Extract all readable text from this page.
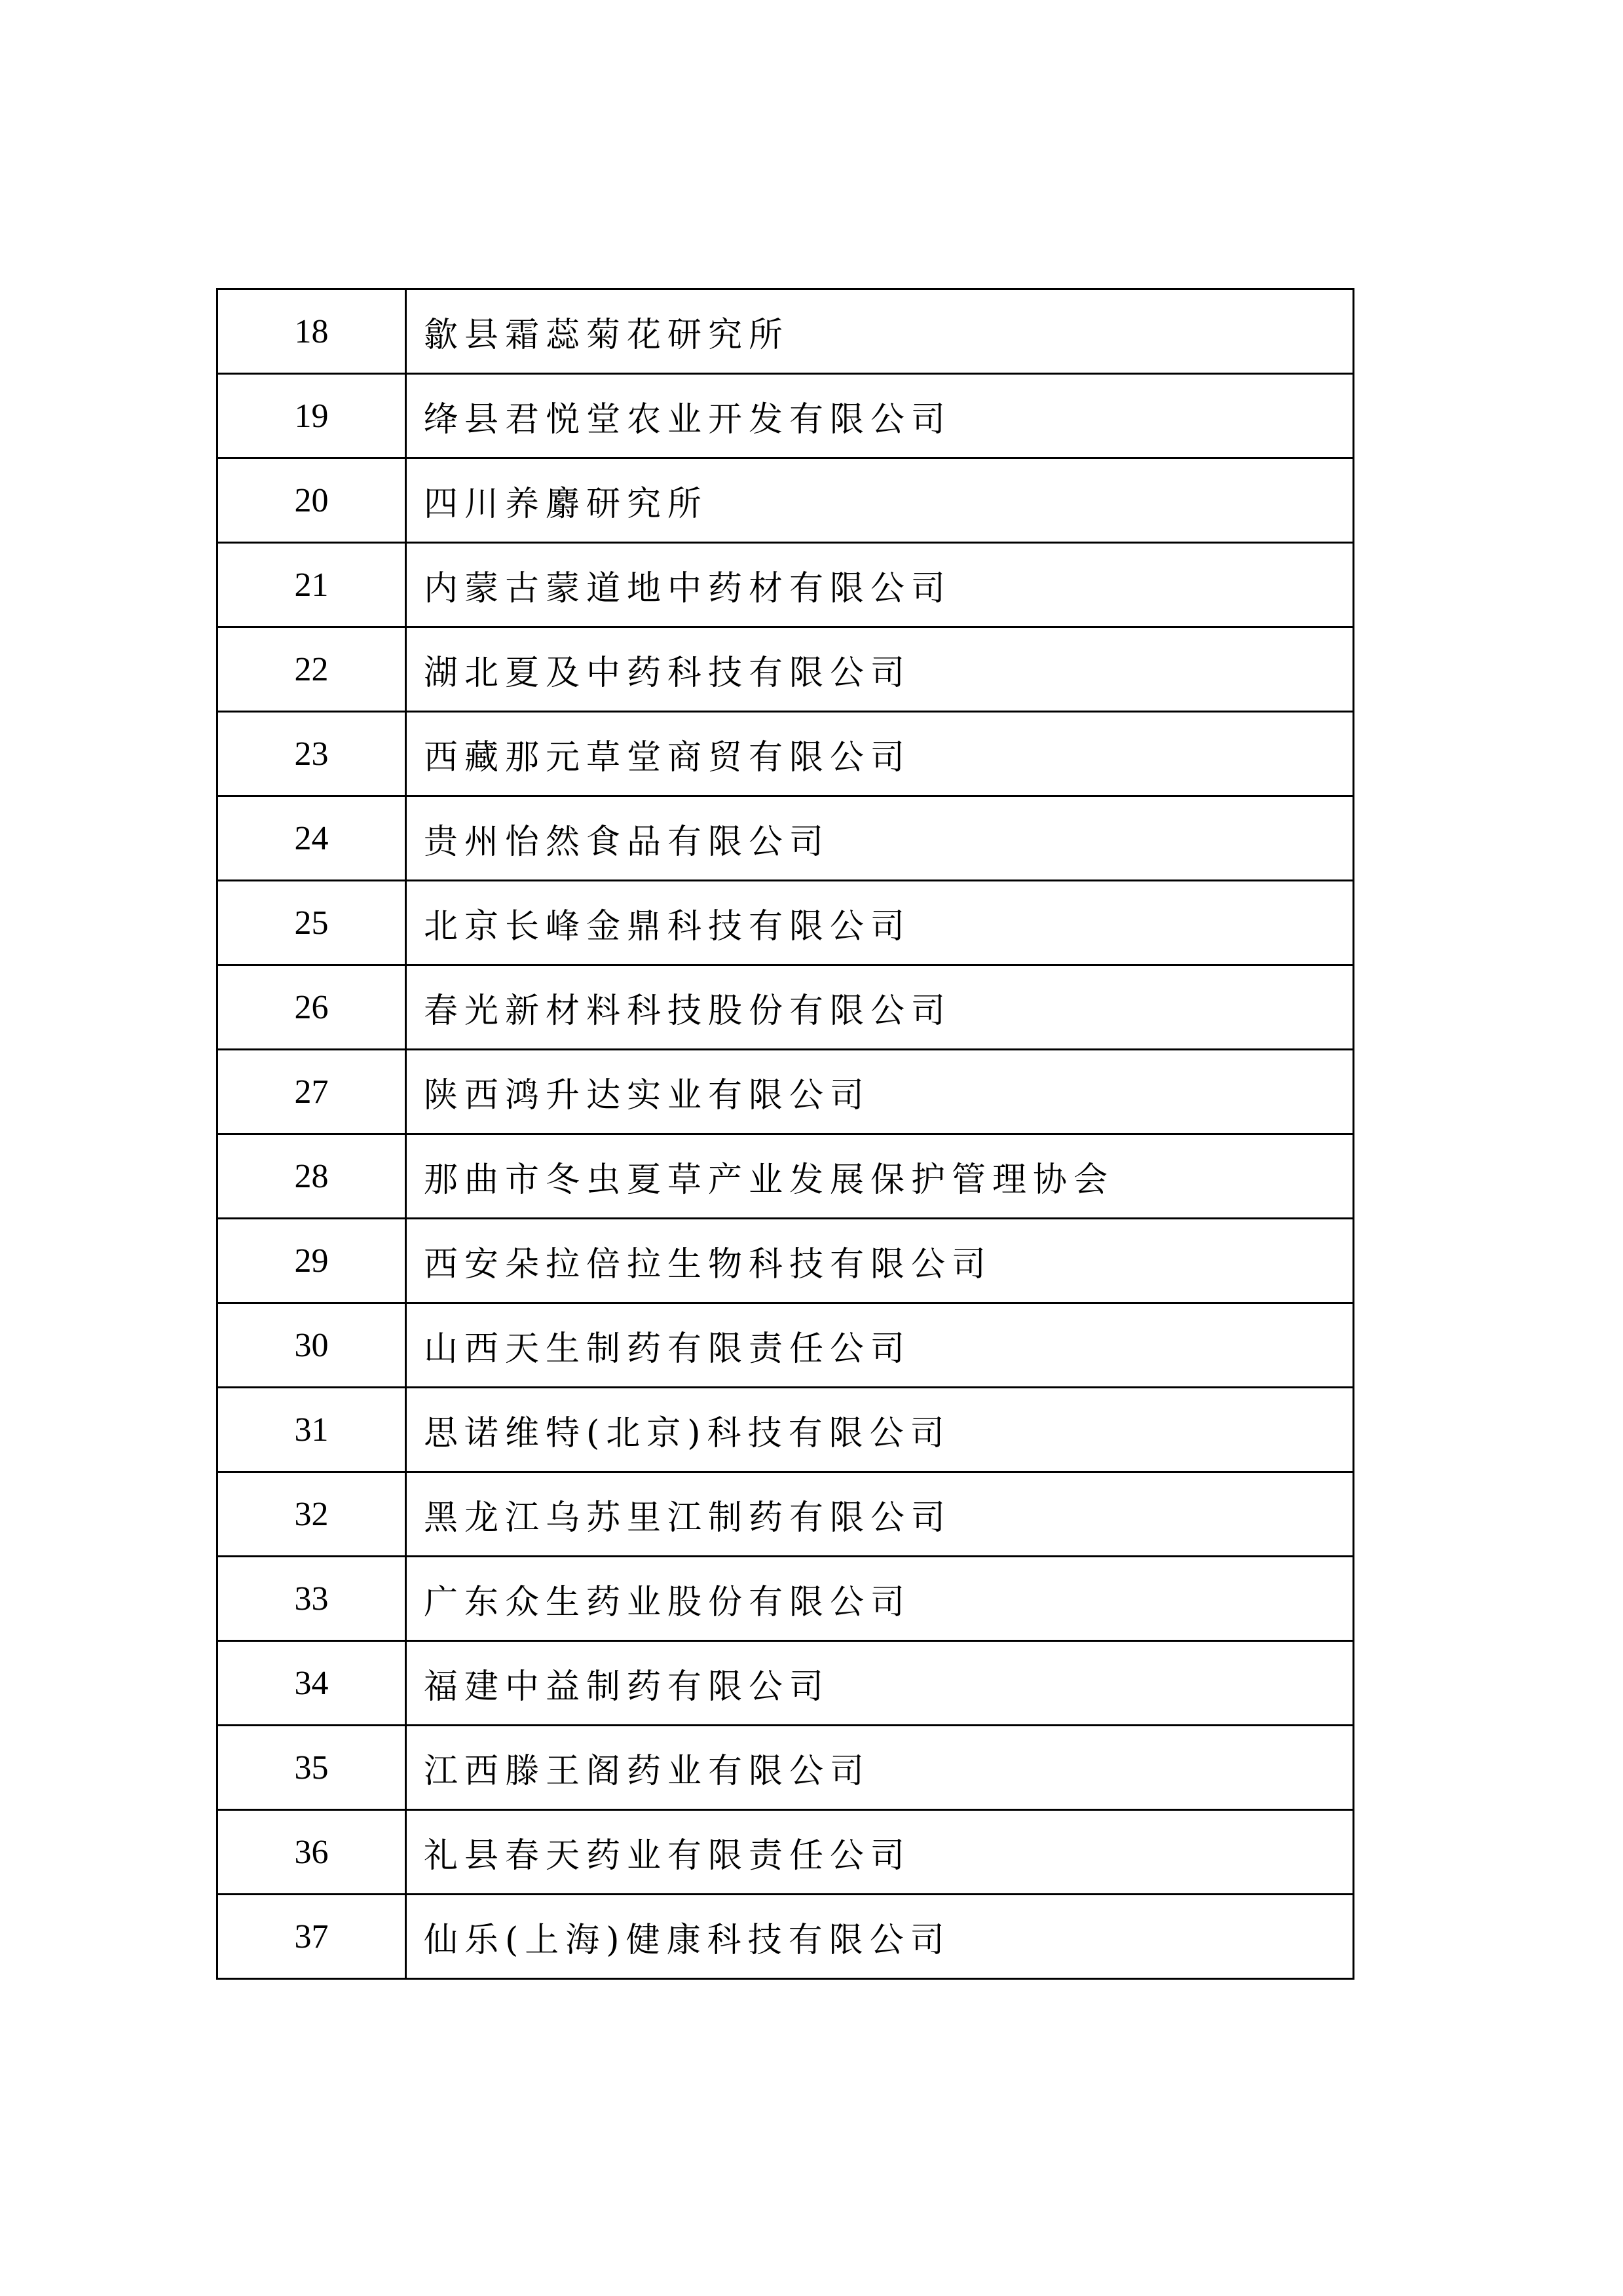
18	歙县霜蕊菊花研究所
19	绛县君悦堂农业开发有限公司
20	四川养麝研究所
21	内蒙古蒙道地中药材有限公司
22	湖北夏及中药科技有限公司
23	西藏那元草堂商贸有限公司
24	贵州怡然食品有限公司
25	北京长峰金鼎科技有限公司
26	春光新材料科技股份有限公司
27	陕西鸿升达实业有限公司
28	那曲市冬虫夏草产业发展保护管理协会
29	西安朵拉倍拉生物科技有限公司
30	山西天生制药有限责任公司
31	思诺维特(北京)科技有限公司
32	黑龙江乌苏里江制药有限公司
33	广东众生药业股份有限公司
34	福建中益制药有限公司
35	江西滕王阁药业有限公司
36	礼县春天药业有限责任公司
37	仙乐(上海)健康科技有限公司
